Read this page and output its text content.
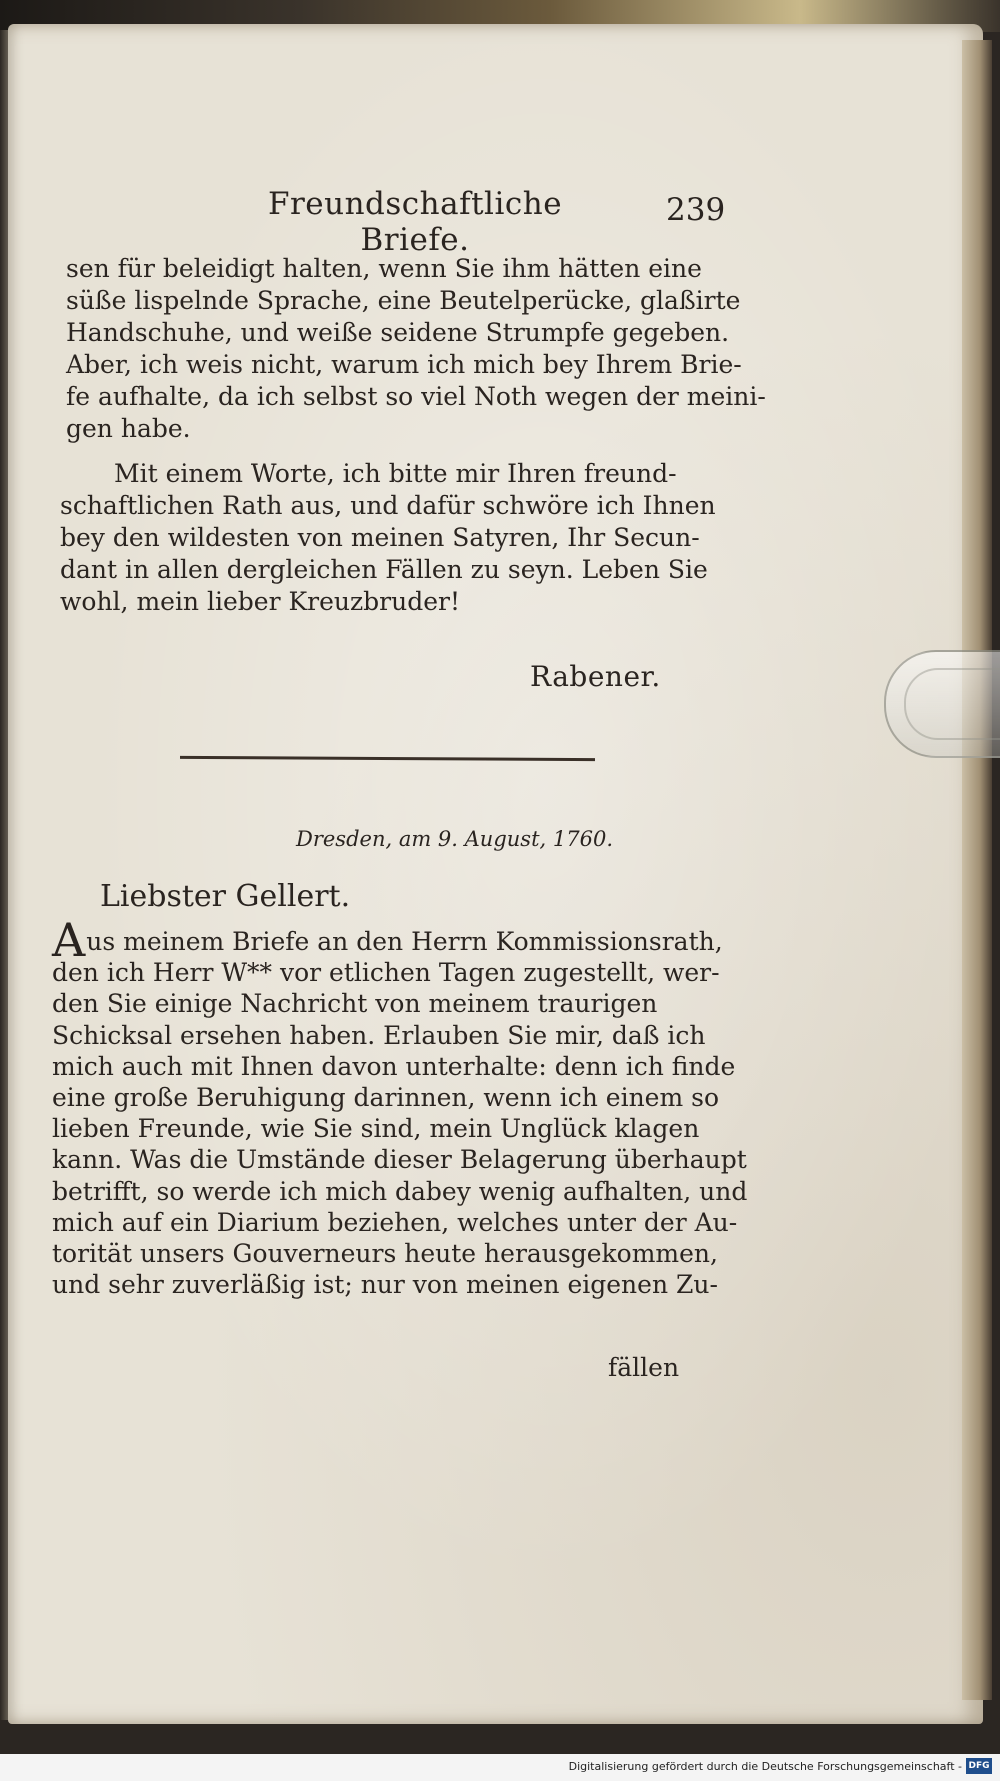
Freundschaftliche Briefe.
239

sen für beleidigt halten, wenn Sie ihm hätten eine
süße lispelnde Sprache, eine Beutelperücke, glaßirte
Handschuhe, und weiße seidene Strumpfe gegeben.
Aber, ich weis nicht, warum ich mich bey Ihrem Brie-
fe aufhalte, da ich selbst so viel Noth wegen der meini-
gen habe.

Mit einem Worte, ich bitte mir Ihren freund-
schaftlichen Rath aus, und dafür schwöre ich Ihnen
bey den wildesten von meinen Satyren, Ihr Secun-
dant in allen dergleichen Fällen zu seyn. Leben Sie
wohl, mein lieber Kreuzbruder!

Rabener.
Dresden, am 9. August, 1760.
Liebster Gellert.

Aus meinem Briefe an den Herrn Kommissionsrath,
den ich Herr W** vor etlichen Tagen zugestellt, wer-
den Sie einige Nachricht von meinem traurigen
Schicksal ersehen haben. Erlauben Sie mir, daß ich
mich auch mit Ihnen davon unterhalte: denn ich finde
eine große Beruhigung darinnen, wenn ich einem so
lieben Freunde, wie Sie sind, mein Unglück klagen
kann. Was die Umstände dieser Belagerung überhaupt
betrifft, so werde ich mich dabey wenig aufhalten, und
mich auf ein Diarium beziehen, welches unter der Au-
torität unsers Gouverneurs heute herausgekommen,
und sehr zuverläßig ist; nur von meinen eigenen Zu-

fällen
Digitalisierung gefördert durch die Deutsche Forschungsgemeinschaft - DFG
